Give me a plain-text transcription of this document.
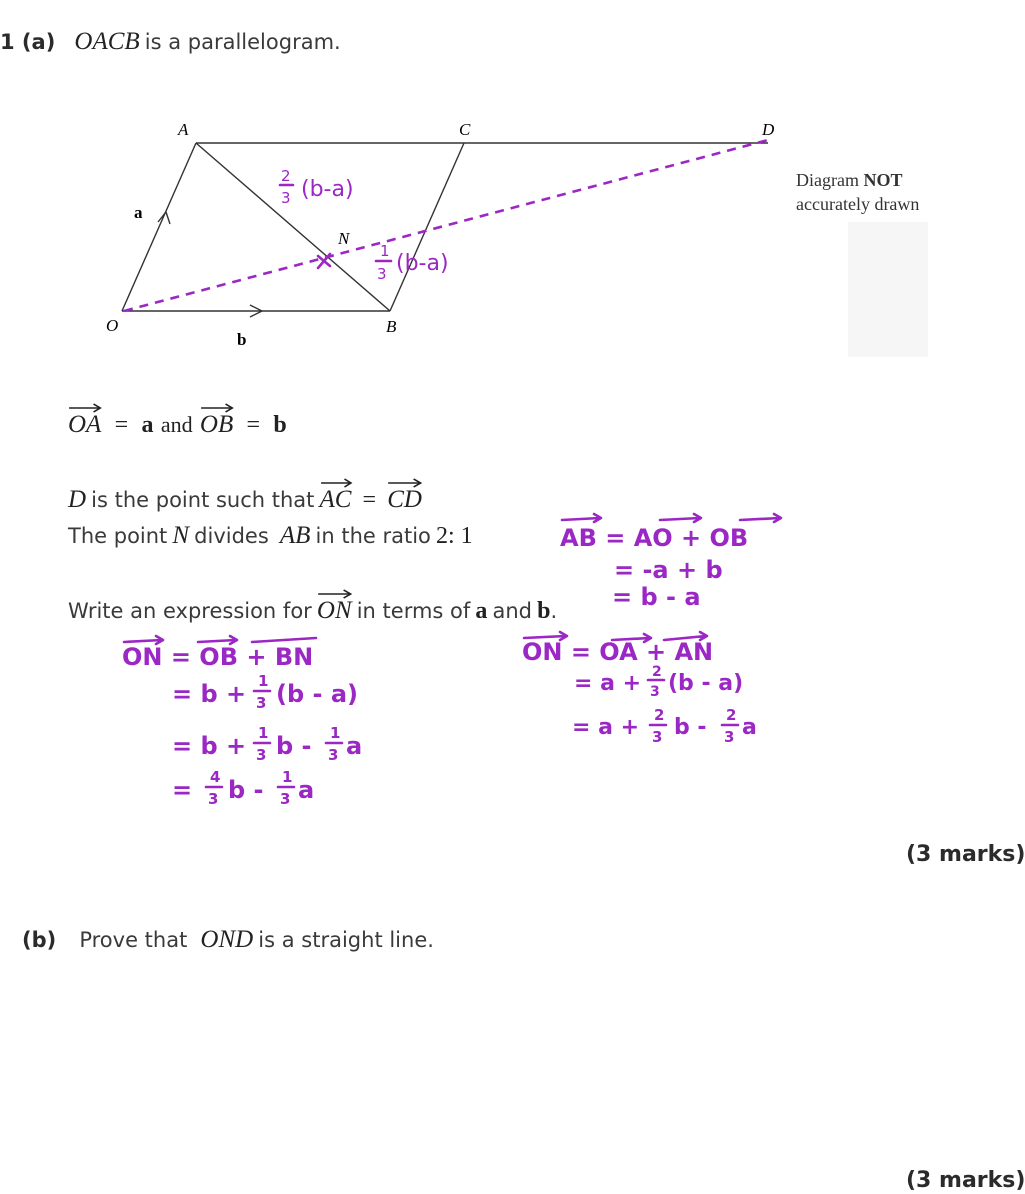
1 (a) OACB is a parallelogram.
A	C	D
N
O	B
a
b
2
3 (b-a)
1
3 (b-a)
Diagram NOT
accurately drawn
OA = a and OB = b
D is the point such that AC = CD
The point N divides AB in the ratio 2: 1
Write an expression for ON in terms of a and b.
AB = AO + OB
= -a + b
= b - a
ON = OB + BN
= b + 1
3 (b - a)
= b + 1
3 b - 1
3 a
= 4
3 b - 1
3 a
ON = OA + AN
= a + 2
3 (b - a)
= a + 2
3 b - 2
3 a
(3 marks)
(b) Prove that OND is a straight line.
(3 marks)
